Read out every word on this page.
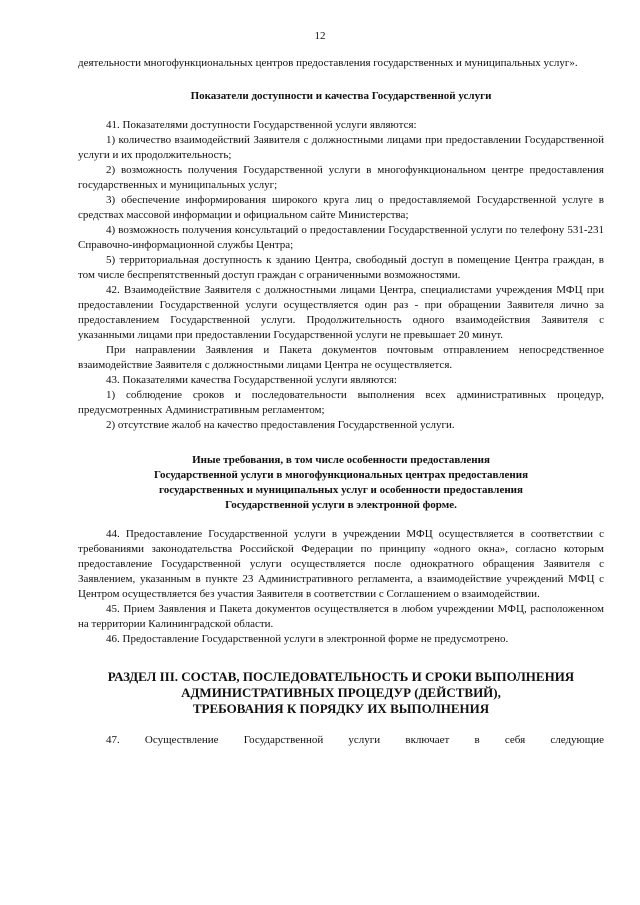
12

деятельности многофункциональных центров предоставления государственных и муниципальных услуг».

Показатели доступности и качества Государственной услуги

41. Показателями доступности Государственной услуги являются:

1) количество взаимодействий Заявителя с должностными лицами при предоставлении Государственной услуги и их продолжительность;

2) возможность получения Государственной услуги в многофункциональном центре предоставления государственных и муниципальных услуг;

3) обеспечение информирования широкого круга лиц о предоставляемой Государственной услуге в средствах массовой информации и официальном сайте Министерства;

4) возможность получения консультаций о предоставлении Государственной услуги по телефону 531-231 Справочно-информационной службы Центра;

5) территориальная доступность к зданию Центра, свободный доступ в помещение Центра граждан, в том числе беспрепятственный доступ граждан с ограниченными возможностями.

42. Взаимодействие Заявителя с должностными лицами Центра, специалистами учреждения МФЦ при предоставлении Государственной услуги осуществляется один раз - при обращении Заявителя лично за предоставлением Государственной услуги. Продолжительность одного взаимодействия Заявителя с указанными лицами при предоставлении Государственной услуги не превышает 20 минут.

При направлении Заявления и Пакета документов почтовым отправлением непосредственное взаимодействие Заявителя с должностными лицами Центра не осуществляется.

43. Показателями качества Государственной услуги являются:

1) соблюдение сроков и последовательности выполнения всех административных процедур, предусмотренных Административным регламентом;

2) отсутствие жалоб на качество предоставления Государственной услуги.

Иные требования, в том числе особенности предоставления
Государственной услуги в многофункциональных центрах предоставления
государственных и муниципальных услуг и особенности предоставления
Государственной услуги в электронной форме.

44. Предоставление Государственной услуги в учреждении МФЦ осуществляется в соответствии с требованиями законодательства Российской Федерации по принципу «одного окна», согласно которым предоставление Государственной услуги осуществляется после однократного обращения Заявителя с Заявлением, указанным в пункте 23 Административного регламента, а взаимодействие учреждений МФЦ с Центром осуществляется без участия Заявителя в соответствии с Соглашением о взаимодействии.

45. Прием Заявления и Пакета документов осуществляется в любом учреждении МФЦ, расположенном на территории Калининградской области.

46. Предоставление Государственной услуги в электронной форме не предусмотрено.

РАЗДЕЛ III. СОСТАВ, ПОСЛЕДОВАТЕЛЬНОСТЬ И СРОКИ ВЫПОЛНЕНИЯ
АДМИНИСТРАТИВНЫХ ПРОЦЕДУР (ДЕЙСТВИЙ),
ТРЕБОВАНИЯ К ПОРЯДКУ ИХ ВЫПОЛНЕНИЯ

47. Осуществление Государственной услуги включает в себя следующие
